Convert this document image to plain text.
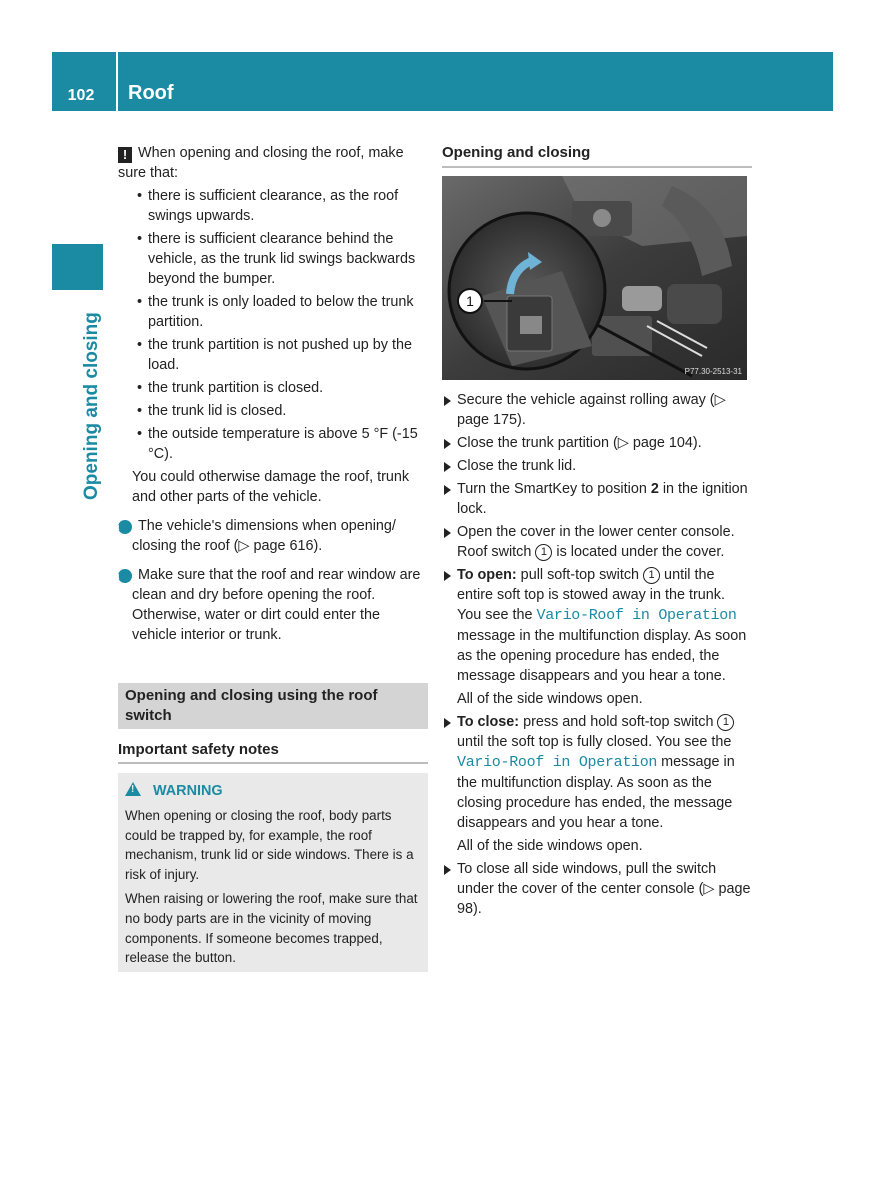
102	Roof
Opening and closing

! When opening and closing the roof, make sure that:

• there is sufficient clearance, as the roof swings upwards.

• there is sufficient clearance behind the vehicle, as the trunk lid swings backwards beyond the bumper.

• the trunk is only loaded to below the trunk partition.

• the trunk partition is not pushed up by the load.

• the trunk partition is closed.

• the trunk lid is closed.

• the outside temperature is above 5 °F (-15 °C).

You could otherwise damage the roof, trunk and other parts of the vehicle.

i The vehicle's dimensions when opening/ closing the roof (▷ page 616).

i Make sure that the roof and rear window are clean and dry before opening the roof. Otherwise, water or dirt could enter the vehicle interior or trunk.

Opening and closing using the roof switch
Important safety notes
!WARNING

When opening or closing the roof, body parts could be trapped by, for example, the roof mechanism, trunk lid or side windows. There is a risk of injury.

When raising or lowering the roof, make sure that no body parts are in the vicinity of moving components. If someone becomes trapped, release the button.

Opening and closing
1
P77.30-2513-31

Secure the vehicle against rolling away (▷ page 175).

Close the trunk partition (▷ page 104).

Close the trunk lid.

Turn the SmartKey to position 2 in the ignition lock.

Open the cover in the lower center console. Roof switch 1 is located under the cover.

To open: pull soft-top switch 1 until the entire soft top is stowed away in the trunk. You see the Vario-Roof in Operation message in the multifunction display. As soon as the opening procedure has ended, the message disappears and you hear a tone.

All of the side windows open.

To close: press and hold soft-top switch 1 until the soft top is fully closed. You see the Vario-Roof in Operation message in the multifunction display. As soon as the closing procedure has ended, the message disappears and you hear a tone.

All of the side windows open.

To close all side windows, pull the switch under the cover of the center console (▷ page 98).
